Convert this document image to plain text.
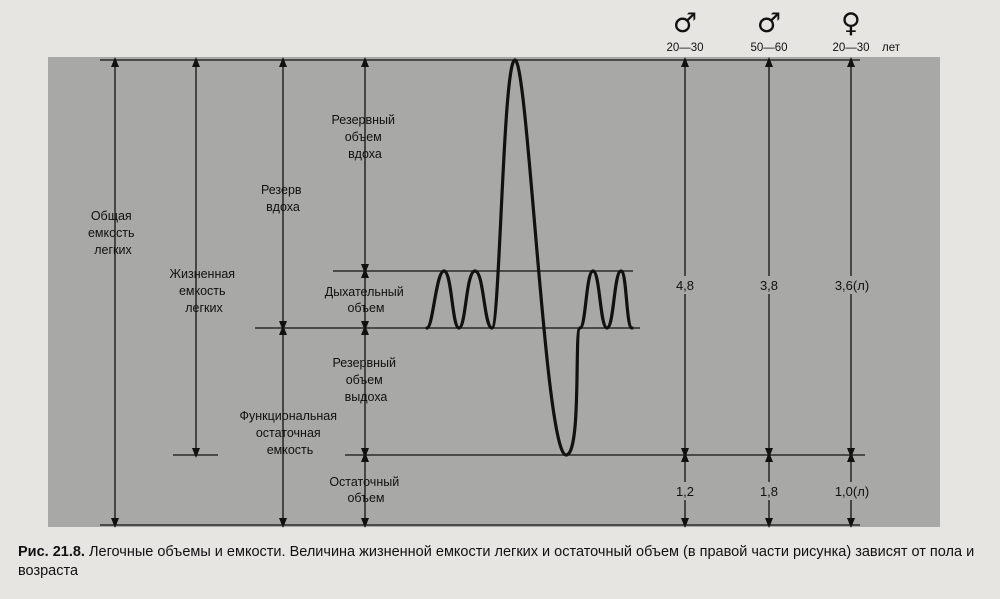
Общая емкость легких
Жизненная емкость легких
Резерв вдоха
Функциональная остаточная емкость
Резервный объем вдоха
Дыхательный объем
Резервный объем выдоха
Остаточный объем
♂
20—30
♂
50—60
♀
20—30 лет
4,8	3,8	3,6(л)
1,2	1,8	1,0(л)
Рис. 21.8. Легочные объемы и емкости. Величина жизненной емкости легких и остаточный объем (в правой части рисунка) зависят от пола и возраста
